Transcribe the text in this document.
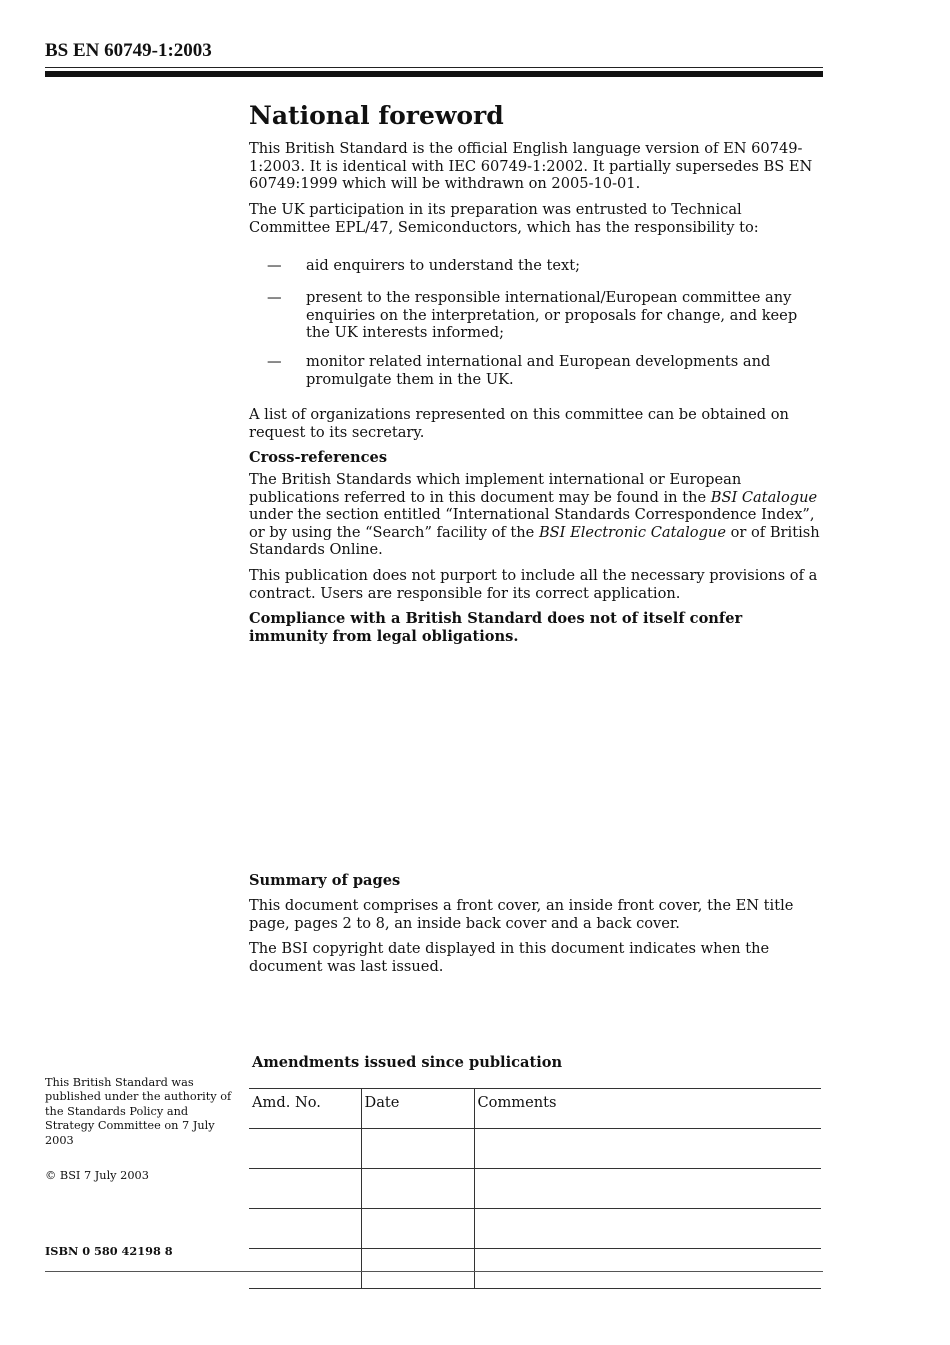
BS EN 60749-1:2003
National foreword

This British Standard is the official English language version of EN 60749-1:2003. It is identical with IEC 60749-1:2002. It partially supersedes BS EN 60749:1999 which will be withdrawn on 2005-10-01.

The UK participation in its preparation was entrusted to Technical Committee EPL/47, Semiconductors, which has the responsibility to:

— aid enquirers to understand the text;
— present to the responsible international/European committee any enquiries on the interpretation, or proposals for change, and keep the UK interests informed;
— monitor related international and European developments and promulgate them in the UK.

A list of organizations represented on this committee can be obtained on request to its secretary.

Cross-references

The British Standards which implement international or European publications referred to in this document may be found in the BSI Catalogue under the section entitled “International Standards Correspondence Index”, or by using the “Search” facility of the BSI Electronic Catalogue or of British Standards Online.

This publication does not purport to include all the necessary provisions of a contract. Users are responsible for its correct application.

Compliance with a British Standard does not of itself confer immunity from legal obligations.
Summary of pages

This document comprises a front cover, an inside front cover, the EN title page, pages 2 to 8, an inside back cover and a back cover.

The BSI copyright date displayed in this document indicates when the document was last issued.

This British Standard was published under the authority of the Standards Policy and Strategy Committee on 7 July 2003
© BSI 7 July 2003
ISBN 0 580 42198 8
Amendments issued since publication
Amd. No.	Date	Comments
